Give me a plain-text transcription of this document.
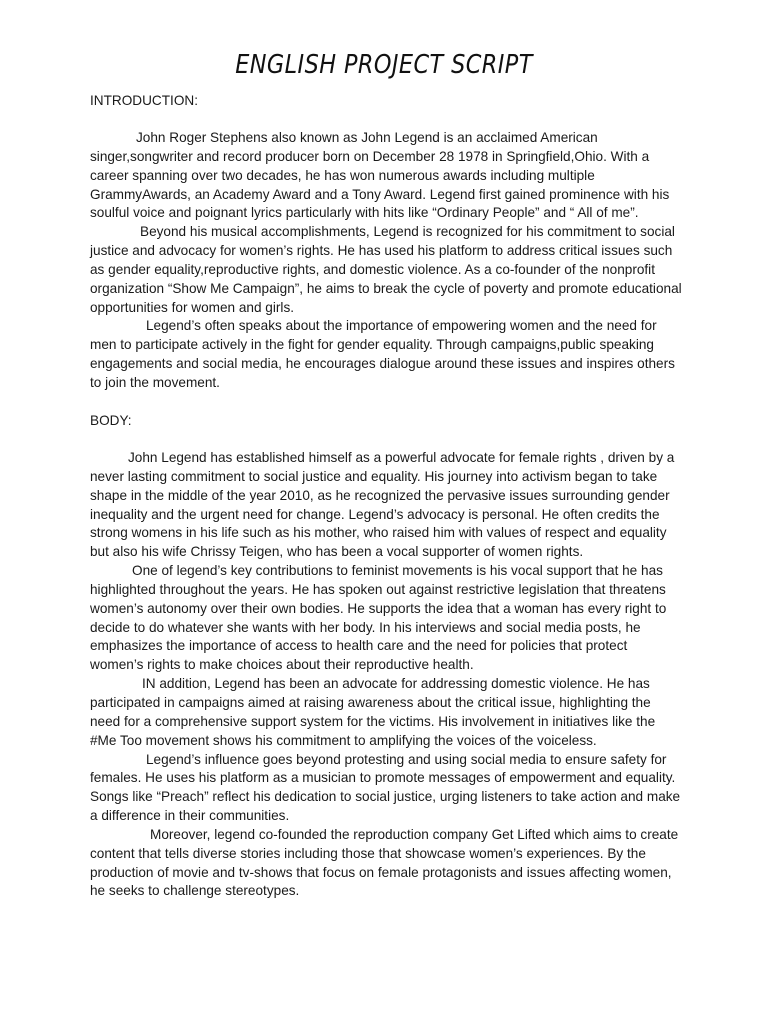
ENGLISH PROJECT SCRIPT
INTRODUCTION:

John Roger Stephens also known as John Legend is an acclaimed American singer,songwriter and record producer born on December 28 1978 in Springfield,Ohio. With a career spanning over two decades, he has won numerous awards including multiple GrammyAwards, an Academy Award and a Tony Award. Legend first gained prominence with his soulful voice and poignant lyrics particularly with hits like “Ordinary People” and “ All of me”.

Beyond his musical accomplishments, Legend is recognized for his commitment to social justice and advocacy for women’s rights. He has used his platform to address critical issues such as gender equality,reproductive rights, and domestic violence. As a co-founder of the nonprofit organization “Show Me Campaign”, he aims to break the cycle of poverty and promote educational opportunities for women and girls.

Legend’s often speaks about the importance of empowering women and the need for men to participate actively in the fight for gender equality. Through campaigns,public speaking engagements and social media, he encourages dialogue around these issues and inspires others to join the movement.

BODY:

John Legend has established himself as a powerful advocate for female rights , driven by a never lasting commitment to social justice and equality. His journey into activism began to take shape in the middle of the year 2010, as he recognized the pervasive issues surrounding gender inequality and the urgent need for change. Legend’s advocacy is personal. He often credits the strong womens in his life such as his mother, who raised him with values of respect and equality but also his wife Chrissy Teigen, who has been a vocal supporter of women rights.

One of legend’s key contributions to feminist movements is his vocal support that he has highlighted throughout the years. He has spoken out against restrictive legislation that threatens women’s autonomy over their own bodies. He supports the idea that a woman has every right to decide to do whatever she wants with her body. In his interviews and social media posts, he emphasizes the importance of access to health care and the need for policies that protect women’s rights to make choices about their reproductive health.

IN addition, Legend has been an advocate for addressing domestic violence. He has participated in campaigns aimed at raising awareness about the critical issue, highlighting the need for a comprehensive support system for the victims. His involvement in initiatives like the #Me Too movement shows his commitment to amplifying the voices of the voiceless.

Legend’s influence goes beyond protesting and using social media to ensure safety for females. He uses his platform as a musician to promote messages of empowerment and equality. Songs like “Preach” reflect his dedication to social justice, urging listeners to take action and make a difference in their communities.

Moreover, legend co-founded the reproduction company Get Lifted which aims to create content that tells diverse stories including those that showcase women’s experiences. By the production of movie and tv-shows that focus on female protagonists and issues affecting women, he seeks to challenge stereotypes.
